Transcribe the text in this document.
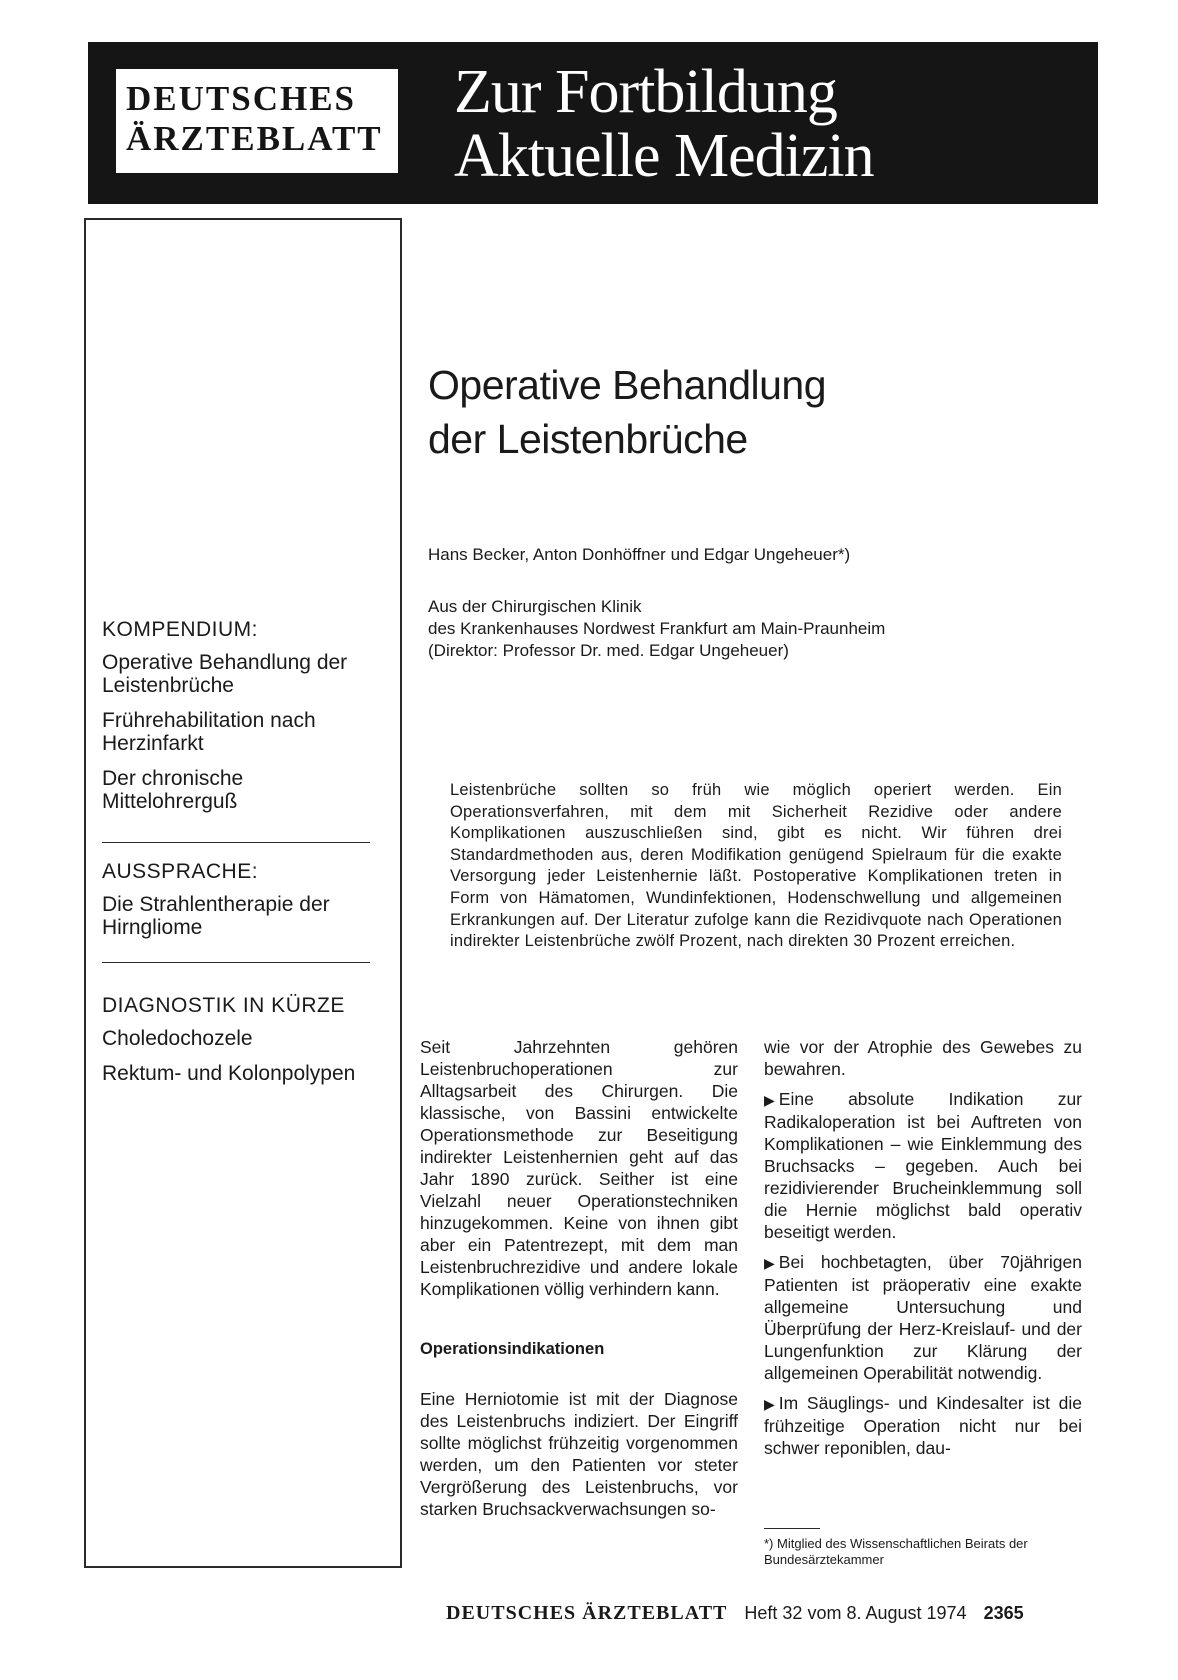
DEUTSCHES
ÄRZTEBLATT
Zur Fortbildung
Aktuelle Medizin
KOMPENDIUM:
Operative Behandlung der Leistenbrüche
Frührehabilitation nach Herzinfarkt
Der chronische Mittelohrerguß
AUSSPRACHE:
Die Strahlentherapie der Hirngliome
DIAGNOSTIK IN KÜRZE
Choledochozele
Rektum- und Kolonpolypen
Operative Behandlung
der Leistenbrüche
Hans Becker, Anton Donhöffner und Edgar Ungeheuer*)
Aus der Chirurgischen Klinik
des Krankenhauses Nordwest Frankfurt am Main-Praunheim
(Direktor: Professor Dr. med. Edgar Ungeheuer)
Leistenbrüche sollten so früh wie möglich operiert werden. Ein Operationsverfahren, mit dem mit Sicherheit Rezidive oder andere Komplikationen auszuschließen sind, gibt es nicht. Wir führen drei Standardmethoden aus, deren Modifikation genügend Spielraum für die exakte Versorgung jeder Leistenhernie läßt. Postoperative Komplikationen treten in Form von Hämatomen, Wundinfektionen, Hodenschwellung und allgemeinen Erkrankungen auf. Der Literatur zufolge kann die Rezidivquote nach Operationen indirekter Leistenbrüche zwölf Prozent, nach direkten 30 Prozent erreichen.

Seit Jahrzehnten gehören Leistenbruchoperationen zur Alltagsarbeit des Chirurgen. Die klassische, von Bassini entwickelte Operationsmethode zur Beseitigung indirekter Leistenhernien geht auf das Jahr 1890 zurück. Seither ist eine Vielzahl neuer Operationstechniken hinzugekommen. Keine von ihnen gibt aber ein Patentrezept, mit dem man Leistenbruchrezidive und andere lokale Komplikationen völlig verhindern kann.

Operationsindikationen

Eine Herniotomie ist mit der Diagnose des Leistenbruchs indiziert. Der Eingriff sollte möglichst frühzeitig vorgenommen werden, um den Patienten vor steter Vergrößerung des Leistenbruchs, vor starken Bruchsackverwachsungen so-

wie vor der Atrophie des Gewebes zu bewahren.

▶ Eine absolute Indikation zur Radikaloperation ist bei Auftreten von Komplikationen – wie Einklemmung des Bruchsacks – gegeben. Auch bei rezidivierender Brucheinklemmung soll die Hernie möglichst bald operativ beseitigt werden.

▶ Bei hochbetagten, über 70jährigen Patienten ist präoperativ eine exakte allgemeine Untersuchung und Überprüfung der Herz-Kreislauf- und der Lungenfunktion zur Klärung der allgemeinen Operabilität notwendig.

▶ Im Säuglings- und Kindesalter ist die frühzeitige Operation nicht nur bei schwer reponiblen, dau-

*) Mitglied des Wissenschaftlichen Beirats der Bundesärztekammer
DEUTSCHES ÄRZTEBLATT Heft 32 vom 8. August 1974 2365
